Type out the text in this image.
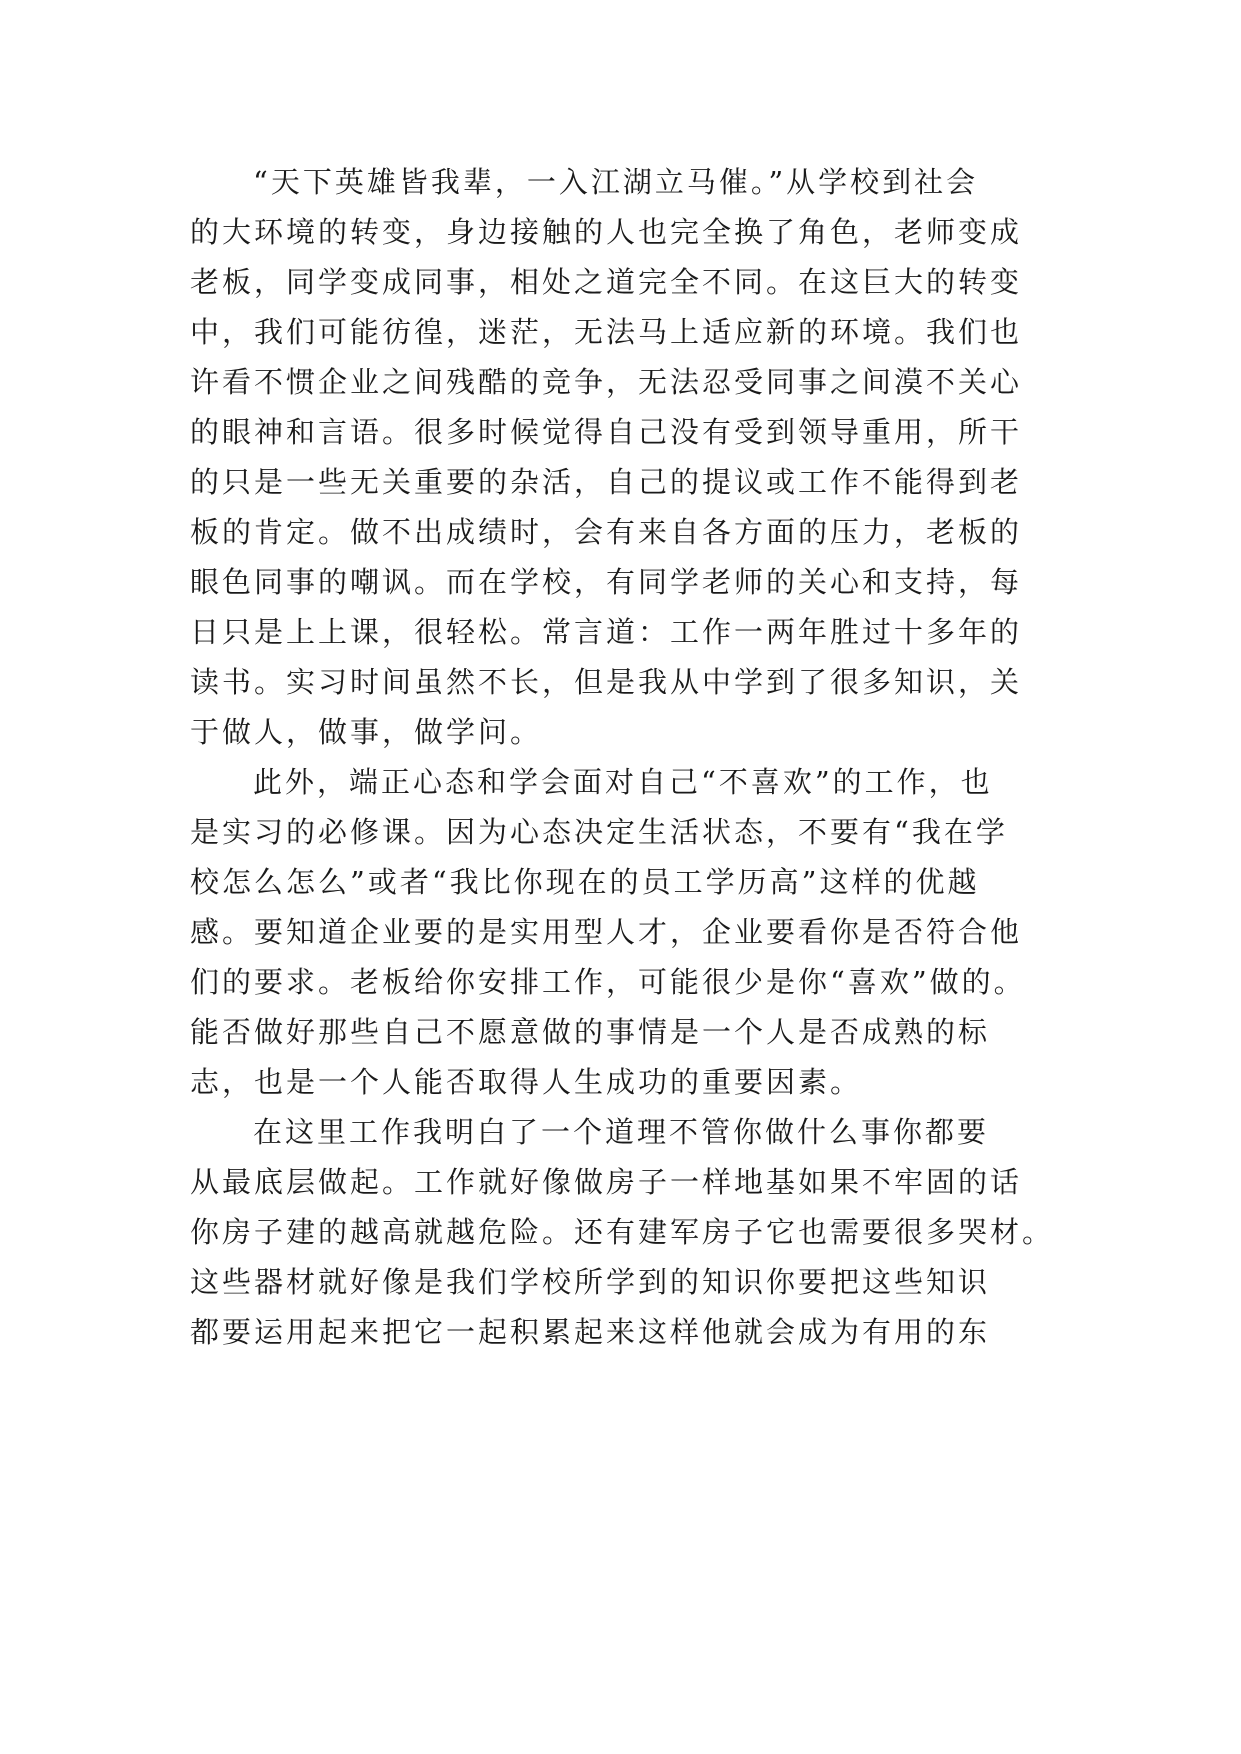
“天下英雄皆我辈，一入江湖立马催。”从学校到社会
的大环境的转变，身边接触的人也完全换了角色，老师变成
老板，同学变成同事，相处之道完全不同。在这巨大的转变
中，我们可能彷徨，迷茫，无法马上适应新的环境。我们也
许看不惯企业之间残酷的竞争，无法忍受同事之间漠不关心
的眼神和言语。很多时候觉得自己没有受到领导重用，所干
的只是一些无关重要的杂活，自己的提议或工作不能得到老
板的肯定。做不出成绩时，会有来自各方面的压力，老板的
眼色同事的嘲讽。而在学校，有同学老师的关心和支持，每
日只是上上课，很轻松。常言道：工作一两年胜过十多年的
读书。实习时间虽然不长，但是我从中学到了很多知识，关
于做人，做事，做学问。
此外，端正心态和学会面对自己“不喜欢”的工作，也
是实习的必修课。因为心态决定生活状态，不要有“我在学
校怎么怎么”或者“我比你现在的员工学历高”这样的优越
感。要知道企业要的是实用型人才，企业要看你是否符合他
们的要求。老板给你安排工作，可能很少是你“喜欢”做的。
能否做好那些自己不愿意做的事情是一个人是否成熟的标
志，也是一个人能否取得人生成功的重要因素。
在这里工作我明白了一个道理不管你做什么事你都要
从最底层做起。工作就好像做房子一样地基如果不牢固的话
你房子建的越高就越危险。还有建军房子它也需要很多哭材。
这些器材就好像是我们学校所学到的知识你要把这些知识
都要运用起来把它一起积累起来这样他就会成为有用的东
